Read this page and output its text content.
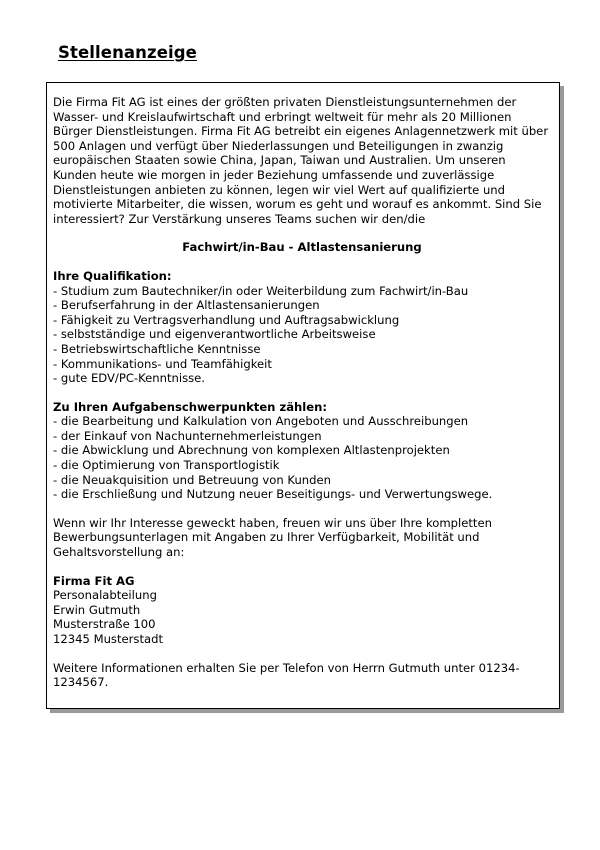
Stellenanzeige

Die Firma Fit AG ist eines der größten privaten Dienstleistungsunternehmen der Wasser- und Kreislaufwirtschaft und erbringt weltweit für mehr als 20 Millionen Bürger Dienstleistungen. Firma Fit AG betreibt ein eigenes Anlagennetzwerk mit über 500 Anlagen und verfügt über Niederlassungen und Beteiligungen in zwanzig europäischen Staaten sowie China, Japan, Taiwan und Australien. Um unseren Kunden heute wie morgen in jeder Beziehung umfassende und zuverlässige Dienstleistungen anbieten zu können, legen wir viel Wert auf qualifizierte und motivierte Mitarbeiter, die wissen, worum es geht und worauf es ankommt. Sind Sie interessiert? Zur Verstärkung unseres Teams suchen wir den/die

Fachwirt/in-Bau - Altlastensanierung

Ihre Qualifikation:

- Studium zum Bautechniker/in oder Weiterbildung zum Fachwirt/in-Bau
- Berufserfahrung in der Altlastensanierungen
- Fähigkeit zu Vertragsverhandlung und Auftragsabwicklung
- selbstständige und eigenverantwortliche Arbeitsweise
- Betriebswirtschaftliche Kenntnisse
- Kommunikations- und Teamfähigkeit
- gute EDV/PC-Kenntnisse.

Zu Ihren Aufgabenschwerpunkten zählen:

- die Bearbeitung und Kalkulation von Angeboten und Ausschreibungen
- der Einkauf von Nachunternehmerleistungen
- die Abwicklung und Abrechnung von komplexen Altlastenprojekten
- die Optimierung von Transportlogistik
- die Neuakquisition und Betreuung von Kunden
- die Erschließung und Nutzung neuer Beseitigungs- und Verwertungswege.

Wenn wir Ihr Interesse geweckt haben, freuen wir uns über Ihre kompletten Bewerbungsunterlagen mit Angaben zu Ihrer Verfügbarkeit, Mobilität und Gehaltsvorstellung an:

Firma Fit AG
Personalabteilung
Erwin Gutmuth
Musterstraße 100
12345 Musterstadt

Weitere Informationen erhalten Sie per Telefon von Herrn Gutmuth unter 01234-1234567.
